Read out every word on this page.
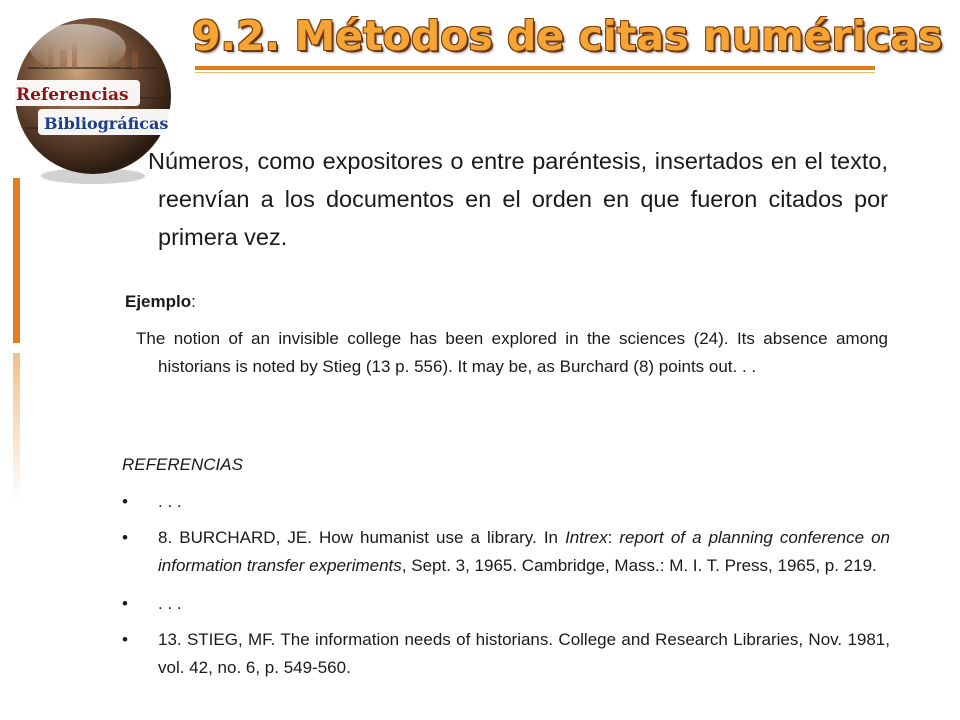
Referencias
Bibliográficas
9.2. Métodos de citas numéricas
Números, como expositores o entre paréntesis, insertados en el texto, reenvían a los documentos en el orden en que fueron citados por primera vez.
Ejemplo:
The notion of an invisible college has been explored in the sciences (24). Its absence among historians is noted by Stieg (13 p. 556). It may be, as Burchard (8) points out. . .
REFERENCIAS
• . . .
• 8. BURCHARD, JE. How humanist use a library. In Intrex: report of a planning conference on information transfer experiments, Sept. 3, 1965. Cambridge, Mass.: M. I. T. Press, 1965, p. 219.
• . . .
• 13. STIEG, MF. The information needs of historians. College and Research Libraries, Nov. 1981, vol. 42, no. 6, p. 549-560.
